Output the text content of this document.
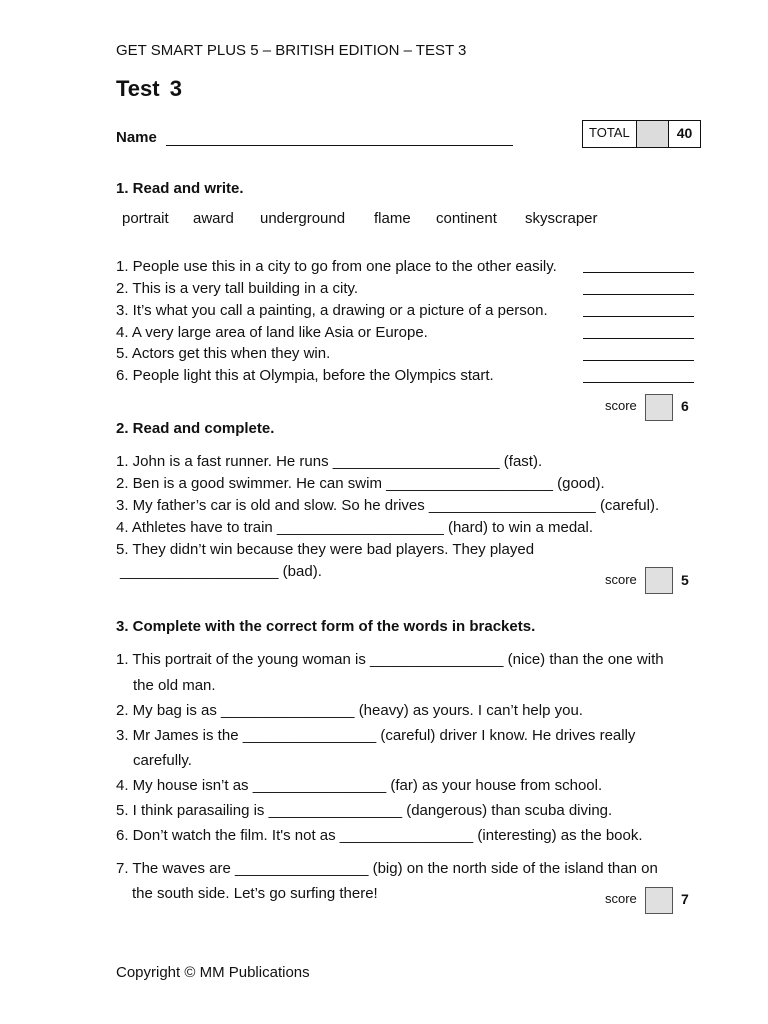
GET SMART PLUS 5 – BRITISH EDITION – TEST 3
Test 3
Name	TOTAL	40
1. Read and write.
portrait award underground flame continent skyscraper
1. People use this in a city to go from one place to the other easily.
2. This is a very tall building in a city.
3. It’s what you call a painting, a drawing or a picture of a person.
4. A very large area of land like Asia or Europe.
5. Actors get this when they win.
6. People light this at Olympia, before the Olympics start.
score	6
2. Read and complete.
1. John is a fast runner. He runs ____________________ (fast).
2. Ben is a good swimmer. He can swim ____________________ (good).
3. My father’s car is old and slow. So he drives ____________________ (careful).
4. Athletes have to train ____________________ (hard) to win a medal.
5. They didn’t win because they were bad players. They played
___________________ (bad).	score	5
3. Complete with the correct form of the words in brackets.
1. This portrait of the young woman is ________________ (nice) than the one with
the old man.
2. My bag is as ________________ (heavy) as yours. I can’t help you.
3. Mr James is the ________________ (careful) driver I know. He drives really
carefully.
4. My house isn’t as ________________ (far) as your house from school.
5. I think parasailing is ________________ (dangerous) than scuba diving.
6. Don’t watch the film. It's not as ________________ (interesting) as the book.
7. The waves are ________________ (big) on the north side of the island than on
the south side. Let’s go surfing there!	score	7
Copyright © MM Publications
